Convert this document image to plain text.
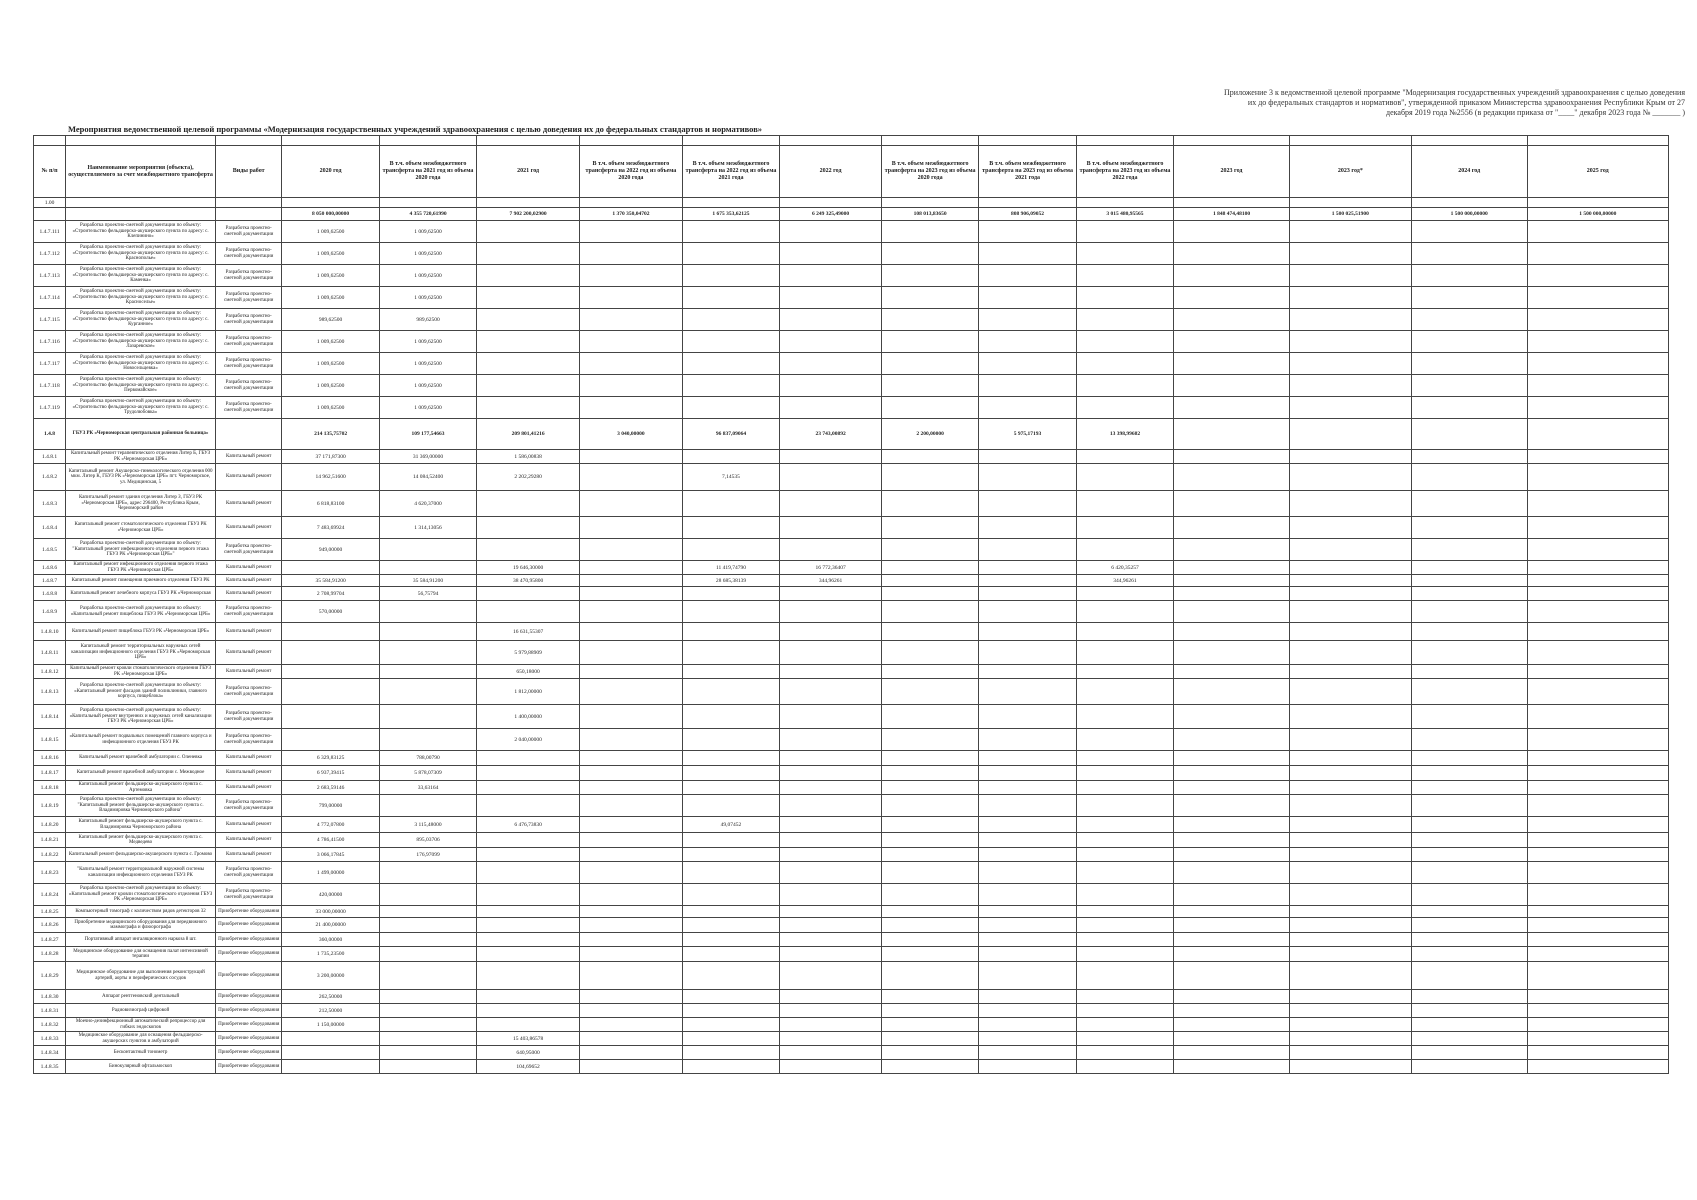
Приложение 3 к ведомственной целевой программе "Модернизация государственных учреждений здравоохранения с целью доведения
их до федеральных стандартов и нормативов", утвержденной приказом Министерства здравоохранения Республики Крым от 27
декабря 2019 года №2556 (в редакции приказа от "____" декабря 2023 года № _______ )
Мероприятия ведомственной целевой программы «Модернизация государственных учреждений здравоохранения с целью доведения их до федеральных стандартов и нормативов»

№ п/п	Наименование мероприятия (объекта), осуществляемого за счет межбюджетного трансферта	Виды работ	2020 год	В т.ч. объем межбюджетного трансферта на 2021 год из объема 2020 года	2021 год	В т.ч. объем межбюджетного трансферта на 2022 год из объема 2020 года	В т.ч. объем межбюджетного трансферта на 2022 год из объема 2021 года	2022 год	В т.ч. объем межбюджетного трансферта на 2023 год из объема 2020 года	В т.ч. объем межбюджетного трансферта на 2023 год из объема 2021 года	В т.ч. объем межбюджетного трансферта на 2023 год из объема 2022 года	2023 год	2023 год*	2024 год	2025 год
1.00															
			8 050 000,00000	4 355 720,61990	7 902 200,02900	1 370 350,04702	1 675 353,62125	6 249 325,49000	108 013,83650	808 906,09052	3 015 480,95565	1 848 474,48100	1 500 025,51900	1 500 000,00000	1 500 000,00000
1.4.7.111	Разработка проектно-сметной документации по объекту: «Строительство фельдшерско-акушерского пункта по адресу: с. Клепинино»	Разработка проектно-сметной документации	1 009,62500	1 009,62500											
1.4.7.112	Разработка проектно-сметной документации по объекту: «Строительство фельдшерско-акушерского пункта по адресу: с. Краснопольe»	Разработка проектно-сметной документации	1 009,62500	1 009,62500											
1.4.7.113	Разработка проектно-сметной документации по объекту: «Строительство фельдшерско-акушерского пункта по адресу: с. Каменка»	Разработка проектно-сметной документации	1 009,62500	1 009,62500											
1.4.7.114	Разработка проектно-сметной документации по объекту: «Строительство фельдшерско-акушерского пункта по адресу: с. Красноселье»	Разработка проектно-сметной документации	1 009,62500	1 009,62500											
1.4.7.115	Разработка проектно-сметной документации по объекту: «Строительство фельдшерско-акушерского пункта по адресу: с. Курганное»	Разработка проектно-сметной документации	989,62500	989,62500											
1.4.7.116	Разработка проектно-сметной документации по объекту: «Строительство фельдшерско-акушерского пункта по адресу: с. Лазаревское»	Разработка проектно-сметной документации	1 009,62500	1 009,62500											
1.4.7.117	Разработка проектно-сметной документации по объекту: «Строительство фельдшерско-акушерского пункта по адресу: с. Новосельцевка»	Разработка проектно-сметной документации	1 009,62500	1 009,62500											
1.4.7.118	Разработка проектно-сметной документации по объекту: «Строительство фельдшерско-акушерского пункта по адресу: с. Первомайское»	Разработка проектно-сметной документации	1 009,62500	1 009,62500											
1.4.7.119	Разработка проектно-сметной документации по объекту: «Строительство фельдшерско-акушерского пункта по адресу: с. Трудолюбовка»	Разработка проектно-сметной документации	1 009,62500	1 009,62500											
1.4.8	ГБУЗ РК «Черноморская центральная районная больница»		214 135,75702	109 177,54663	209 801,41216	3 040,00000	96 837,09064	23 743,00892	2 200,00000	5 975,17193	13 398,99682				
1.4.8.1	Капитальный ремонт терапевтического отделения Литер Б, ГБУЗ РК «Черноморская ЦРБ»	Капитальный ремонт	37 171,87300	31 369,00000	1 586,00838										
1.4.8.2	Капитальный ремонт Акушерско-гинекологического отделения 000 мкм. Литер К, ГБУЗ РК «Черноморская ЦРБ» пгт. Черноморское, ул. Медицинская, 5	Капитальный ремонт	14 962,51600	14 084,52400	2 202,29280		7,14535								
1.4.8.3	Капитальный ремонт здания отделения Литер З, ГБУЗ РК «Черноморская ЦРБ», адрес 296400, Республика Крым, Черноморский район	Капитальный ремонт	6 818,83100	4 620,37000											
1.4.8.4	Капитальный ремонт стоматологического отделения ГБУЗ РК «Черноморская ЦРБ»	Капитальный ремонт	7 483,69924	1 314,13056											
1.4.8.5	Разработка проектно-сметной документации по объекту: "Капитальный ремонт инфекционного отделения первого этажа ГБУЗ РК «Черноморская ЦРБ»"	Разработка проектно-сметной документации	949,00000												
1.4.8.6	Капитальный ремонт инфекционного отделения первого этажа ГБУЗ РК «Черноморская ЦРБ»	Капитальный ремонт			19 646,30000		11 419,74790	16 772,36407			6 420,35257				
1.4.8.7	Капитальный ремонт помещения приемного отделения ГБУЗ РК	Капитальный ремонт	35 584,91200	35 584,91200	38 470,95800		28 685,38139	344,96261			344,96261				
1.4.8.8	Капитальный ремонт лечебного корпуса ГБУЗ РК «Черноморская	Капитальный ремонт	2 708,99704	56,75794											
1.4.8.9	Разработка проектно-сметной документации по объекту: «Капитальный ремонт пищеблока ГБУЗ РК «Черноморская ЦРБ»	Разработка проектно-сметной документации	570,00000												
1.4.8.10	Капитальный ремонт пищеблока ГБУЗ РК «Черноморская ЦРБ»	Капитальный ремонт			16 631,55307										
1.4.8.11	Капитальный ремонт территориальных наружных сетей канализации инфекционного отделения ГБУЗ РК «Черноморская ЦРБ»	Капитальный ремонт			5 979,88909										
1.4.8.12	Капитальный ремонт кровли стоматологического отделения ГБУЗ РК «Черноморская ЦРБ»	Капитальный ремонт			650,18000										
1.4.8.13	Разработка проектно-сметной документации по объекту: «Капитальный ремонт фасадов зданий поликлиники, главного корпуса, пищеблока»	Разработка проектно-сметной документации			1 812,00000										
1.4.8.14	Разработка проектно-сметной документации по объекту: «Капитальный ремонт внутренних и наружных сетей канализации ГБУЗ РК «Черноморская ЦРБ»	Разработка проектно-сметной документации			1 400,00000										
1.4.8.15	«Капитальный ремонт подвальных помещений главного корпуса и инфекционного отделения ГБУЗ РК	Разработка проектно-сметной документации			2 040,00000										
1.4.8.16	Капитальный ремонт врачебной амбулатории с. Оленевка	Капитальный ремонт	6 329,83125	788,00790											
1.4.8.17	Капитальный ремонт врачебной амбулатории с. Межводное	Капитальный ремонт	6 937,39415	5 878,07309											
1.4.8.18	Капитальный ремонт фельдшерско-акушерского пункта с. Артемовка	Капитальный ремонт	2 683,59146	33,63164											
1.4.8.19	Разработка проектно-сметной документации по объекту: "Капитальный ремонт фельдшерско-акушерского пункта с. Владимировка Черноморского района"	Разработка проектно-сметной документации	799,00000												
1.4.8.20	Капитальный ремонт фельдшерско-акушерского пункта с. Владимировка Черноморского района	Капитальный ремонт	4 772,07800	3 115,48000	6 476,73830		49,07452								
1.4.8.21	Капитальный ремонт фельдшерско-акушерского пункта с. Медведево	Капитальный ремонт	4 786,41500	895,03706											
1.4.8.22	Капитальный ремонт фельдшерско-акушерского пункта с. Громово	Капитальный ремонт	3 066,17845	176,97099											
1.4.8.23	"Капитальный ремонт территориальной наружной системы канализации инфекционного отделения ГБУЗ РК	Разработка проектно-сметной документации	1 499,00000												
1.4.8.24	Разработка проектно-сметной документации по объекту: «Капитальный ремонт кровли стоматологического отделения ГБУЗ РК «Черноморская ЦРБ»	Разработка проектно-сметной документации	420,00000												
1.4.8.25	Компьютерный томограф с количеством рядов детекторов 32	Приобретение оборудования	33 000,00000												
1.4.8.26	Приобретение медицинского оборудования для передвижного маммографа и флюорографа	Приобретение оборудования	21 400,00000												
1.4.8.27	Портативный аппарат ингаляционного наркоза 8 шт.	Приобретение оборудования	360,00000												
1.4.8.28	Медицинское оборудование для оснащения палат интенсивной терапии	Приобретение оборудования	1 735,23500												
1.4.8.29	Медицинское оборудование для выполнения реконструкций артерий, аорты и периферических сосудов	Приобретение оборудования	3 200,00000												
1.4.8.30	Аппарат рентгеновский дентальный	Приобретение оборудования	262,50000												
1.4.8.31	Радиовизиограф цифровой	Приобретение оборудования	212,50000												
1.4.8.32	Моечно-дезинфекционный автоматический репроцессор для гибких эндоскопов	Приобретение оборудования	1 150,00000												
1.4.8.33	Медицинское оборудование для оснащения фельдшерско-акушерских пунктов и амбулаторий	Приобретение оборудования			15 403,86578										
1.4.8.34	Бесконтактный тонометр	Приобретение оборудования			640,95000										
1.4.8.35	Бинокулярный офтальмоскоп	Приобретение оборудования			104,69652										
